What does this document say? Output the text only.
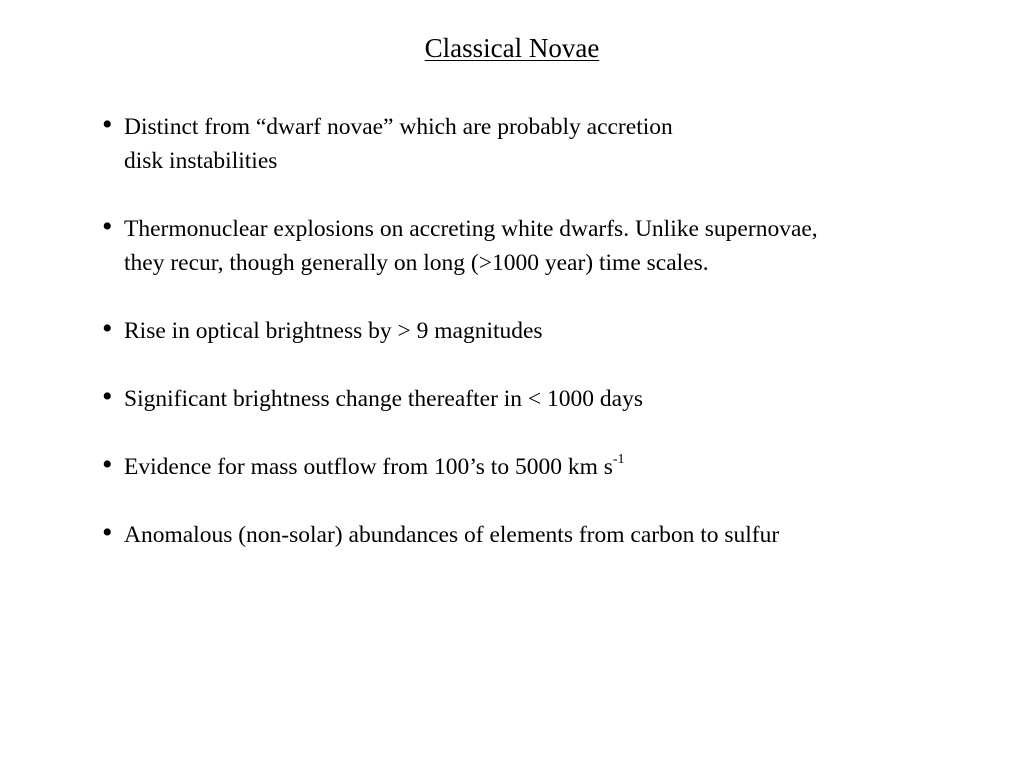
Classical Novae
• Distinct from “dwarf novae” which are probably accretion
disk instabilities
• Thermonuclear explosions on accreting white dwarfs. Unlike supernovae,
they recur, though generally on long (>1000 year) time scales.
• Rise in optical brightness by > 9 magnitudes
• Significant brightness change thereafter in < 1000 days
• Evidence for mass outflow from 100’s to 5000 km $s^{-1}$
• Anomalous (non-solar) abundances of elements from carbon to sulfur
